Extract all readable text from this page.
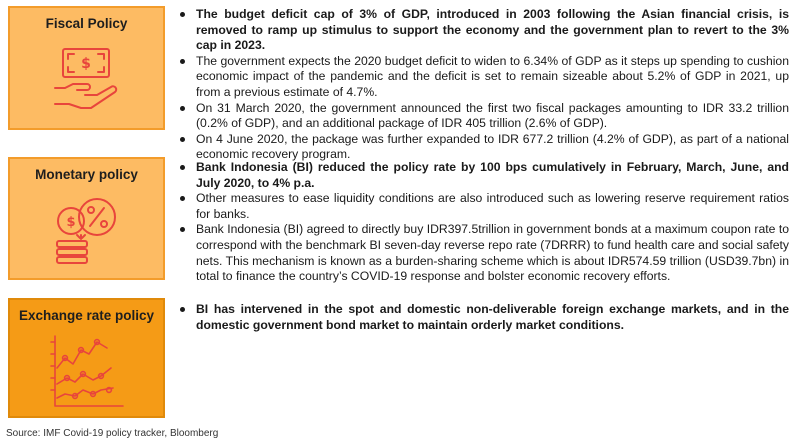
Fiscal Policy
$
The budget deficit cap of 3% of GDP, introduced in 2003 following the Asian financial crisis, is removed to ramp up stimulus to support the economy and the government plan to revert to the 3% cap in 2023.
The government expects the 2020 budget deficit to widen to 6.34% of GDP as it steps up spending to cushion economic impact of the pandemic and the deficit is set to remain sizeable about 5.2% of GDP in 2021, up from a previous estimate of 4.7%.
On 31 March 2020, the government announced the first two fiscal packages amounting to IDR 33.2 trillion (0.2% of GDP), and an additional package of IDR 405 trillion (2.6% of GDP).
On 4 June 2020, the package was further expanded to IDR 677.2 trillion (4.2% of GDP), as part of a national economic recovery program.
Monetary policy
$
Bank Indonesia (BI) reduced the policy rate by 100 bps cumulatively in February, March, June, and July 2020, to 4% p.a.
Other measures to ease liquidity conditions are also introduced such as lowering reserve requirement ratios for banks.
Bank Indonesia (BI) agreed to directly buy IDR397.5trillion in government bonds at a maximum coupon rate to correspond with the benchmark BI seven-day reverse repo rate (7DRRR) to fund health care and social safety nets. This mechanism is known as a burden-sharing scheme which is about IDR574.59 trillion (USD39.7bn) in total to finance the country’s COVID-19 response and bolster economic recovery efforts.
Exchange rate policy	BI has intervened in the spot and domestic non-deliverable foreign exchange markets, and in the domestic government bond market to maintain orderly market conditions.
Source: IMF Covid-19 policy tracker, Bloomberg
